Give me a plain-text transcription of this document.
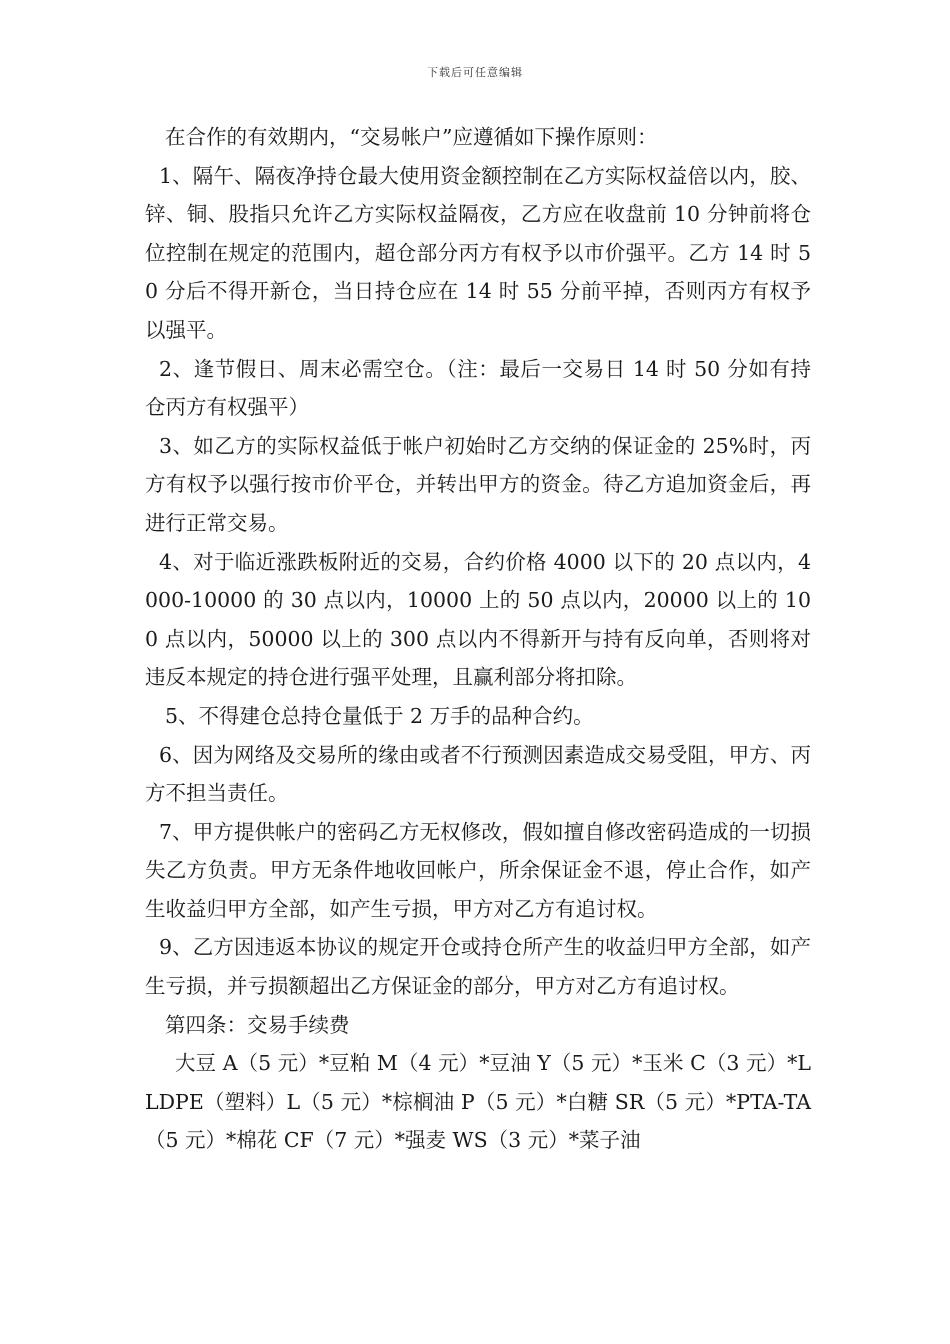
下载后可任意编辑

在合作的有效期内，“交易帐户”应遵循如下操作原则：

1、隔午、隔夜净持仓最大使用资金额控制在乙方实际权益倍以内，胶、锌、铜、股指只允许乙方实际权益隔夜，乙方应在收盘前 10 分钟前将仓位控制在规定的范围内，超仓部分丙方有权予以市价强平。乙方 14 时 50 分后不得开新仓，当日持仓应在 14 时 55 分前平掉，否则丙方有权予以强平。

2、逢节假日、周末必需空仓。（注：最后一交易日 14 时 50 分如有持仓丙方有权强平）

3、如乙方的实际权益低于帐户初始时乙方交纳的保证金的 25%时，丙方有权予以强行按市价平仓，并转出甲方的资金。待乙方追加资金后，再进行正常交易。

4、对于临近涨跌板附近的交易，合约价格 4000 以下的 20 点以内，4000-10000 的 30 点以内，10000 上的 50 点以内，20000 以上的 100 点以内，50000 以上的 300 点以内不得新开与持有反向单，否则将对违反本规定的持仓进行强平处理，且赢利部分将扣除。

5、不得建仓总持仓量低于 2 万手的品种合约。

6、因为网络及交易所的缘由或者不行预测因素造成交易受阻，甲方、丙方不担当责任。

7、甲方提供帐户的密码乙方无权修改，假如擅自修改密码造成的一切损失乙方负责。甲方无条件地收回帐户，所余保证金不退，停止合作，如产生收益归甲方全部，如产生亏损，甲方对乙方有追讨权。

9、乙方因违返本协议的规定开仓或持仓所产生的收益归甲方全部，如产生亏损，并亏损额超出乙方保证金的部分，甲方对乙方有追讨权。

第四条：交易手续费

大豆 A（5 元）*豆粕 M（4 元）*豆油 Y（5 元）*玉米 C（3 元）*LLDPE（塑料）L（5 元）*棕榈油 P（5 元）*白糖 SR（5 元）*PTA-TA（5 元）*棉花 CF（7 元）*强麦 WS（3 元）*菜子油
